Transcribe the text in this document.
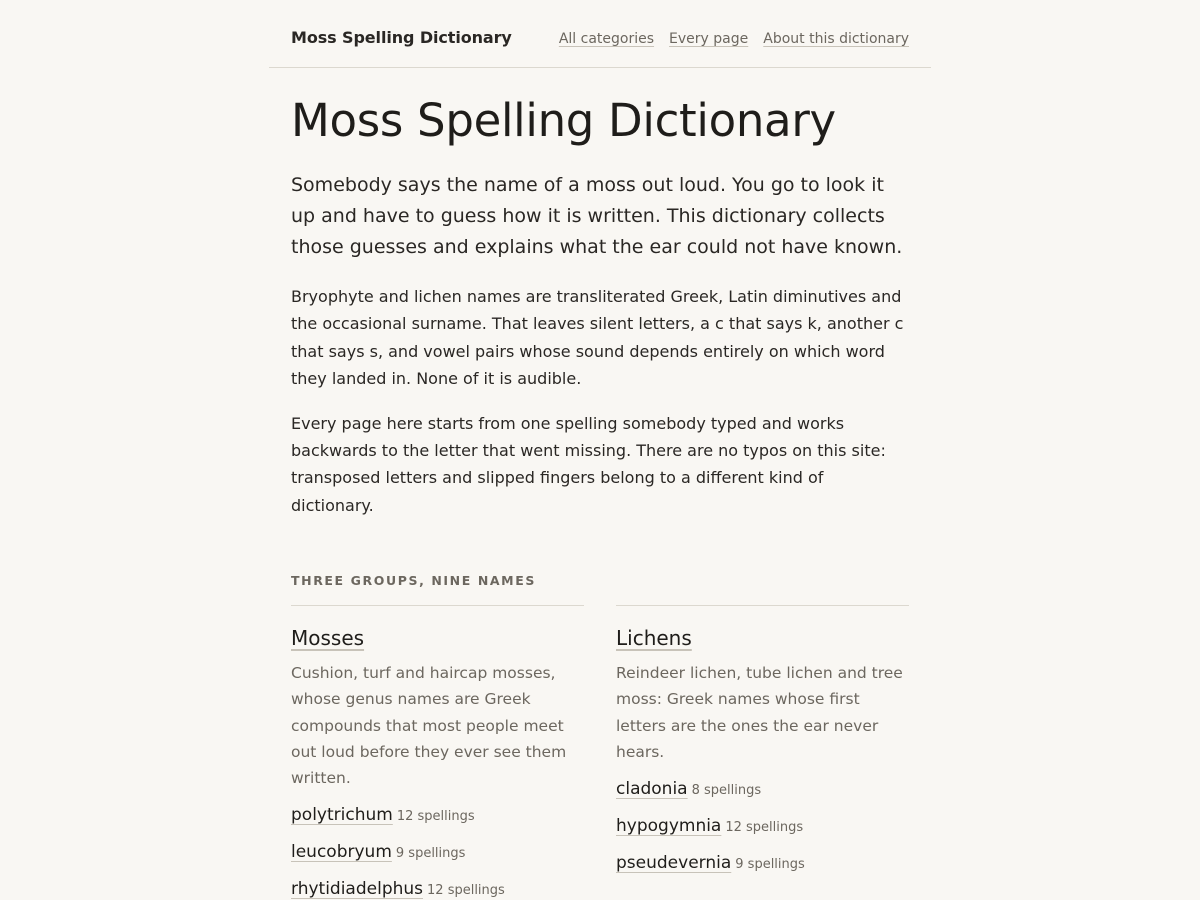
Moss Spelling Dictionary	All categories Every page About this dictionary
Moss Spelling Dictionary

Somebody says the name of a moss out loud. You go to look it up and have to guess how it is written. This dictionary collects those guesses and explains what the ear could not have known.

Bryophyte and lichen names are transliterated Greek, Latin diminutives and the occasional surname. That leaves silent letters, a c that says k, another c that says s, and vowel pairs whose sound depends entirely on which word they landed in. None of it is audible.

Every page here starts from one spelling somebody typed and works backwards to the letter that went missing. There are no typos on this site: transposed letters and slipped fingers belong to a different kind of dictionary.

THREE GROUPS, NINE NAMES
Mosses

Cushion, turf and haircap mosses, whose genus names are Greek compounds that most people meet out loud before they ever see them written.

polytrichum 12 spellings
leucobryum 9 spellings
rhytidiadelphus 12 spellings
Lichens

Reindeer lichen, tube lichen and tree moss: Greek names whose first letters are the ones the ear never hears.

cladonia 8 spellings
hypogymnia 12 spellings
pseudevernia 9 spellings
